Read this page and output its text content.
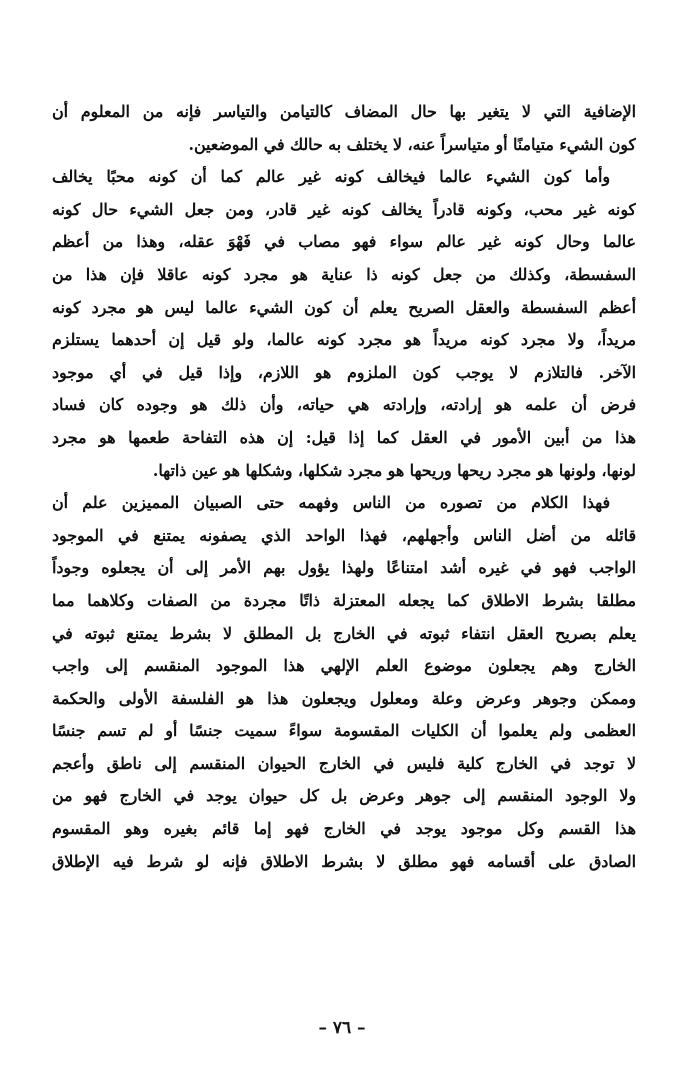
الإضافية التي لا يتغير بها حال المضاف كالتيامن والتياسر فإنه من المعلوم أن
كون الشيء متيامنًا أو متياسراً عنه، لا يختلف به حالك في الموضعين.
وأما كون الشيء عالما فيخالف كونه غير عالم كما أن كونه محبًا يخالف
كونه غير محب، وكونه قادراً يخالف كونه غير قادر، ومن جعل الشيء حال كونه
عالما وحال كونه غير عالم سواء فهو مصاب في فَهْوَ عقله، وهذا من أعظم
السفسطة، وكذلك من جعل كونه ذا عناية هو مجرد كونه عاقلا فإن هذا من
أعظم السفسطة والعقل الصريح يعلم أن كون الشيء عالما ليس هو مجرد كونه
مريداً، ولا مجرد كونه مريداً هو مجرد كونه عالما، ولو قيل إن أحدهما يستلزم
الآخر. فالتلازم لا يوجب كون الملزوم هو اللازم، وإذا قيل في أي موجود
فرض أن علمه هو إرادته، وإرادته هي حياته، وأن ذلك هو وجوده كان فساد
هذا من أبين الأمور في العقل كما إذا قيل: إن هذه التفاحة طعمها هو مجرد
لونها، ولونها هو مجرد ريحها وريحها هو مجرد شكلها، وشكلها هو عين ذاتها.
فهذا الكلام من تصوره من الناس وفهمه حتى الصبيان المميزين علم أن
قائله من أضل الناس وأجهلهم، فهذا الواحد الذي يصفونه يمتنع في الموجود
الواجب فهو في غيره أشد امتناعًا ولهذا يؤول بهم الأمر إلى أن يجعلوه وجوداً
مطلقا بشرط الاطلاق كما يجعله المعتزلة ذاتًا مجردة من الصفات وكلاهما مما
يعلم بصريح العقل انتفاء ثبوته في الخارج بل المطلق لا بشرط يمتنع ثبوته في
الخارج وهم يجعلون موضوع العلم الإلهي هذا الموجود المنقسم إلى واجب
وممكن وجوهر وعرض وعلة ومعلول ويجعلون هذا هو الفلسفة الأولى والحكمة
العظمى ولم يعلموا أن الكليات المقسومة سواءً سميت جنسًا أو لم تسم جنسًا
لا توجد في الخارج كلية فليس في الخارج الحيوان المنقسم إلى ناطق وأعجم
ولا الوجود المنقسم إلى جوهر وعرض بل كل حيوان يوجد في الخارج فهو من
هذا القسم وكل موجود يوجد في الخارج فهو إما قائم بغيره وهو المقسوم
الصادق على أقسامه فهو مطلق لا بشرط الاطلاق فإنه لو شرط فيه الإطلاق
– ٧٦ –
